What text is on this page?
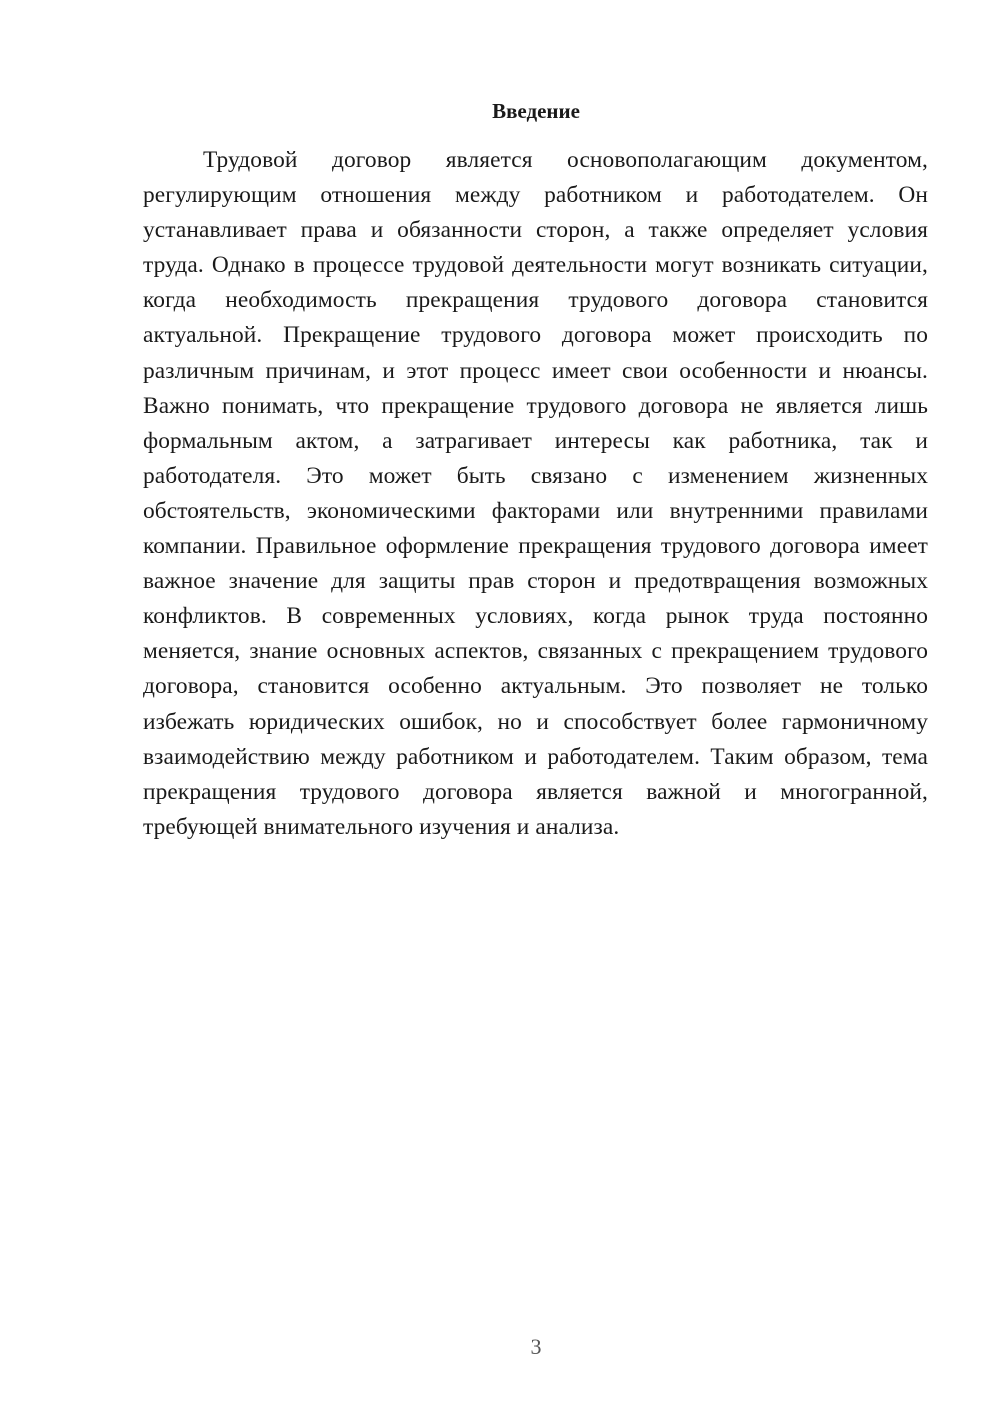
Введение

Трудовой договор является основополагающим документом, регулирующим отношения между работником и работодателем. Он устанавливает права и обязанности сторон, а также определяет условия труда. Однако в процессе трудовой деятельности могут возникать ситуации, когда необходимость прекращения трудового договора становится актуальной. Прекращение трудового договора может происходить по различным причинам, и этот процесс имеет свои особенности и нюансы. Важно понимать, что прекращение трудового договора не является лишь формальным актом, а затрагивает интересы как работника, так и работодателя. Это может быть связано с изменением жизненных обстоятельств, экономическими факторами или внутренними правилами компании. Правильное оформление прекращения трудового договора имеет важное значение для защиты прав сторон и предотвращения возможных конфликтов. В современных условиях, когда рынок труда постоянно меняется, знание основных аспектов, связанных с прекращением трудового договора, становится особенно актуальным. Это позволяет не только избежать юридических ошибок, но и способствует более гармоничному взаимодействию между работником и работодателем. Таким образом, тема прекращения трудового договора является важной и многогранной, требующей внимательного изучения и анализа.

3
